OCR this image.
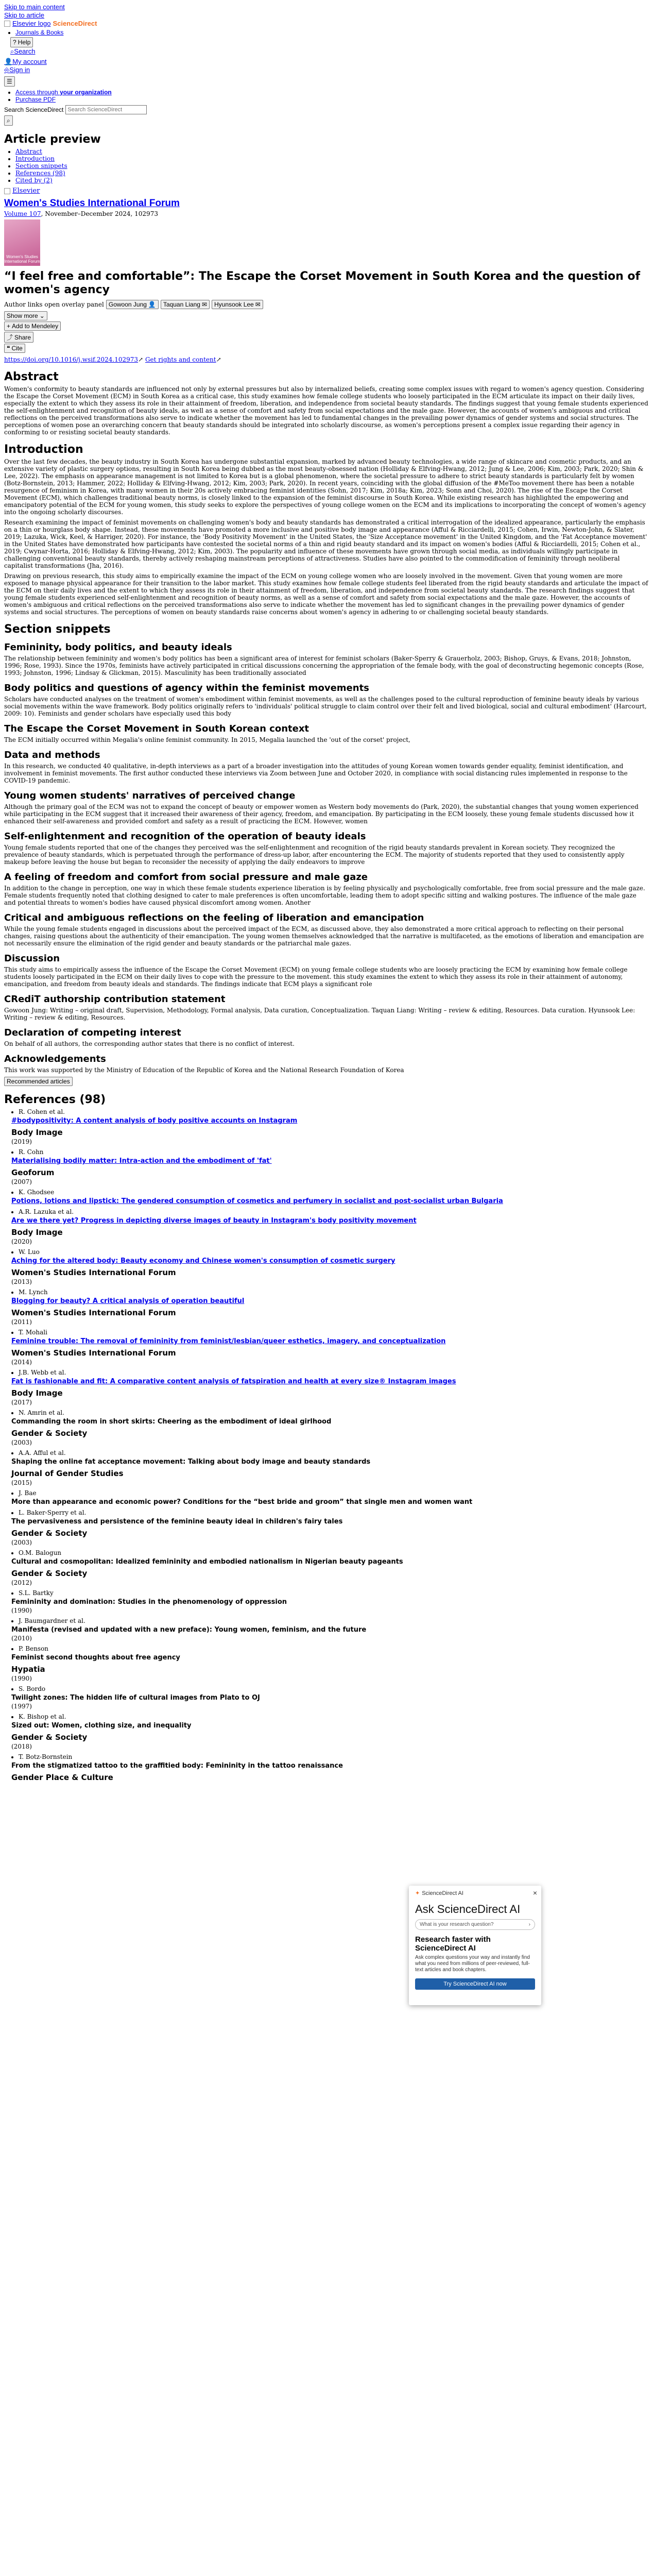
Skip to main content
Skip to article
Elsevier logo ScienceDirect
• Journals & Books
? Help
⌕Search
👤My account
⎆Sign in
☰
• Access through your organization
• Purchase PDF
Search ScienceDirect Search ScienceDirect
⌕
Article preview
• Abstract
• Introduction
• Section snippets
• References (98)
• Cited by (2)
Elsevier
Women's Studies International Forum
Volume 107, November–December 2024, 102973
Women's Studies International Forum
“I feel free and comfortable”: The Escape the Corset Movement in South Korea and the question of women's agency
Author links open overlay panel Gowoon Jung 👤 Taquan Liang ✉ Hyunsook Lee ✉
Show more ⌄
+ Add to Mendeley
⤴ Share
❝ Cite
https://doi.org/10.1016/j.wsif.2024.102973↗ Get rights and content↗
Abstract

Women's conformity to beauty standards are influenced not only by external pressures but also by internalized beliefs, creating some complex issues with regard to women's agency question. Considering the Escape the Corset Movement (ECM) in South Korea as a critical case, this study examines how female college students who loosely participated in the ECM articulate its impact on their daily lives, especially the extent to which they assess its role in their attainment of freedom, liberation, and independence from societal beauty standards. The findings suggest that young female students experienced the self-enlightenment and recognition of beauty ideals, as well as a sense of comfort and safety from social expectations and the male gaze. However, the accounts of women's ambiguous and critical reflections on the perceived transformations also serve to indicate whether the movement has led to fundamental changes in the prevailing power dynamics of gender systems and social structures. The perceptions of women pose an overarching concern that beauty standards should be integrated into scholarly discourse, as women's perceptions present a complex issue regarding their agency in conforming to or resisting societal beauty standards.

Introduction

Over the last few decades, the beauty industry in South Korea has undergone substantial expansion, marked by advanced beauty technologies, a wide range of skincare and cosmetic products, and an extensive variety of plastic surgery options, resulting in South Korea being dubbed as the most beauty-obsessed nation (Holliday & Elfving-Hwang, 2012; Jung & Lee, 2006; Kim, 2003; Park, 2020; Shin & Lee, 2022). The emphasis on appearance management is not limited to Korea but is a global phenomenon, where the societal pressure to adhere to strict beauty standards is particularly felt by women (Botz-Bornstein, 2013; Hammer, 2022; Holliday & Elfving-Hwang, 2012; Kim, 2003; Park, 2020). In recent years, coinciding with the global diffusion of the #MeToo movement there has been a notable resurgence of feminism in Korea, with many women in their 20s actively embracing feminist identities (Sohn, 2017; Kim, 2018a; Kim, 2023; Sonn and Choi, 2020). The rise of the Escape the Corset Movement (ECM), which challenges traditional beauty norms, is closely linked to the expansion of the feminist discourse in South Korea. While existing research has highlighted the empowering and emancipatory potential of the ECM for young women, this study seeks to explore the perspectives of young college women on the ECM and its implications to incorporating the concept of women's agency into the ongoing scholarly discourses.

Research examining the impact of feminist movements on challenging women's body and beauty standards has demonstrated a critical interrogation of the idealized appearance, particularly the emphasis on a thin or hourglass body shape. Instead, these movements have promoted a more inclusive and positive body image and appearance (Afful & Ricciardelli, 2015; Cohen, Irwin, Newton-John, & Slater, 2019; Lazuka, Wick, Keel, & Harriger, 2020). For instance, the 'Body Positivity Movement' in the United States, the 'Size Acceptance movement' in the United Kingdom, and the 'Fat Acceptance movement' in the United States have demonstrated how participants have contested the societal norms of a thin and rigid beauty standard and its impact on women's bodies (Afful & Ricciardelli, 2015; Cohen et al., 2019; Cwynar-Horta, 2016; Holliday & Elfving-Hwang, 2012; Kim, 2003). The popularity and influence of these movements have grown through social media, as individuals willingly participate in challenging conventional beauty standards, thereby actively reshaping mainstream perceptions of attractiveness. Studies have also pointed to the commodification of femininity through neoliberal capitalist transformations (Jha, 2016).

Drawing on previous research, this study aims to empirically examine the impact of the ECM on young college women who are loosely involved in the movement. Given that young women are more exposed to manage physical appearance for their transition to the labor market. This study examines how female college students feel liberated from the rigid beauty standards and articulate the impact of the ECM on their daily lives and the extent to which they assess its role in their attainment of freedom, liberation, and independence from societal beauty standards. The research findings suggest that young female students experienced self-enlightenment and recognition of beauty norms, as well as a sense of comfort and safety from social expectations and the male gaze. However, the accounts of women's ambiguous and critical reflections on the perceived transformations also serve to indicate whether the movement has led to significant changes in the prevailing power dynamics of gender systems and social structures. The perceptions of women on beauty standards raise concerns about women's agency in adhering to or challenging societal beauty standards.

Section snippets
Femininity, body politics, and beauty ideals

The relationship between femininity and women's body politics has been a significant area of interest for feminist scholars (Baker-Sperry & Grauerholz, 2003; Bishop, Gruys, & Evans, 2018; Johnston, 1996; Rose, 1993). Since the 1970s, feminists have actively participated in critical discussions concerning the appropriation of the female body, with the goal of deconstructing hegemonic concepts (Rose, 1993; Johnston, 1996; Lindsay & Glickman, 2015). Masculinity has been traditionally associated

Body politics and questions of agency within the feminist movements

Scholars have conducted analyses on the treatment of women's embodiment within feminist movements, as well as the challenges posed to the cultural reproduction of feminine beauty ideals by various social movements within the wave framework. Body politics originally refers to 'individuals' political struggle to claim control over their felt and lived biological, social and cultural embodiment' (Harcourt, 2009: 10). Feminists and gender scholars have especially used this body

The Escape the Corset Movement in South Korean context

The ECM initially occurred within Megalia's online feminist community. In 2015, Megalia launched the 'out of the corset' project,

Data and methods

In this research, we conducted 40 qualitative, in-depth interviews as a part of a broader investigation into the attitudes of young Korean women towards gender equality, feminist identification, and involvement in feminist movements. The first author conducted these interviews via Zoom between June and October 2020, in compliance with social distancing rules implemented in response to the COVID-19 pandemic.

Young women students' narratives of perceived change

Although the primary goal of the ECM was not to expand the concept of beauty or empower women as Western body movements do (Park, 2020), the substantial changes that young women experienced while participating in the ECM suggest that it increased their awareness of their agency, freedom, and emancipation. By participating in the ECM loosely, these young female students discussed how it enhanced their self-awareness and provided comfort and safety as a result of practicing the ECM. However, women

Self-enlightenment and recognition of the operation of beauty ideals

Young female students reported that one of the changes they perceived was the self-enlightenment and recognition of the rigid beauty standards prevalent in Korean society. They recognized the prevalence of beauty standards, which is perpetuated through the performance of dress-up labor, after encountering the ECM. The majority of students reported that they used to consistently apply makeup before leaving the house but began to reconsider the necessity of applying the daily endeavors to improve

A feeling of freedom and comfort from social pressure and male gaze

In addition to the change in perception, one way in which these female students experience liberation is by feeling physically and psychologically comfortable, free from social pressure and the male gaze. Female students frequently noted that clothing designed to cater to male preferences is often uncomfortable, leading them to adopt specific sitting and walking postures. The influence of the male gaze and potential threats to women's bodies have caused physical discomfort among women. Another

Critical and ambiguous reflections on the feeling of liberation and emancipation

While the young female students engaged in discussions about the perceived impact of the ECM, as discussed above, they also demonstrated a more critical approach to reflecting on their personal changes, raising questions about the authenticity of their emancipation. The young women themselves acknowledged that the narrative is multifaceted, as the emotions of liberation and emancipation are not necessarily ensure the elimination of the rigid gender and beauty standards or the patriarchal male gazes.

Discussion

This study aims to empirically assess the influence of the Escape the Corset Movement (ECM) on young female college students who are loosely practicing the ECM by examining how female college students loosely participated in the ECM on their daily lives to cope with the pressure to the movement. this study examines the extent to which they assess its role in their attainment of autonomy, emancipation, and freedom from beauty ideals and standards. The findings indicate that ECM plays a significant role

CRediT authorship contribution statement

Gowoon Jung: Writing – original draft, Supervision, Methodology, Formal analysis, Data curation, Conceptualization. Taquan Liang: Writing – review & editing, Resources. Data curation. Hyunsook Lee: Writing – review & editing, Resources.

Declaration of competing interest

On behalf of all authors, the corresponding author states that there is no conflict of interest.

Acknowledgements

This work was supported by the Ministry of Education of the Republic of Korea and the National Research Foundation of Korea

Recommended articles
References (98)
• R. Cohen et al.
#bodypositivity: A content analysis of body positive accounts on Instagram
Body Image
(2019)
• R. Cohn
Materialising bodily matter: Intra-action and the embodiment of 'fat'
Geoforum
(2007)
• K. Ghodsee
Potions, lotions and lipstick: The gendered consumption of cosmetics and perfumery in socialist and post-socialist urban Bulgaria
• A.R. Lazuka et al.
Are we there yet? Progress in depicting diverse images of beauty in Instagram's body positivity movement
Body Image
(2020)
• W. Luo
Aching for the altered body: Beauty economy and Chinese women's consumption of cosmetic surgery
Women's Studies International Forum
(2013)
• M. Lynch
Blogging for beauty? A critical analysis of operation beautiful
Women's Studies International Forum
(2011)
• T. Mohali
Feminine trouble: The removal of femininity from feminist/lesbian/queer esthetics, imagery, and conceptualization
Women's Studies International Forum
(2014)
• J.B. Webb et al.
Fat is fashionable and fit: A comparative content analysis of fatspiration and health at every size® Instagram images
Body Image
(2017)
• N. Amrin et al.
Commanding the room in short skirts: Cheering as the embodiment of ideal girlhood
Gender & Society
(2003)
• A.A. Afful et al.
Shaping the online fat acceptance movement: Talking about body image and beauty standards
Journal of Gender Studies
(2015)
• J. Bae
More than appearance and economic power? Conditions for the “best bride and groom” that single men and women want
• L. Baker-Sperry et al.
The pervasiveness and persistence of the feminine beauty ideal in children's fairy tales
Gender & Society
(2003)
• O.M. Balogun
Cultural and cosmopolitan: Idealized femininity and embodied nationalism in Nigerian beauty pageants
Gender & Society
(2012)
• S.L. Bartky
Femininity and domination: Studies in the phenomenology of oppression
(1990)
• J. Baumgardner et al.
Manifesta (revised and updated with a new preface): Young women, feminism, and the future
(2010)
• P. Benson
Feminist second thoughts about free agency
Hypatia
(1990)
• S. Bordo
Twilight zones: The hidden life of cultural images from Plato to OJ
(1997)
• K. Bishop et al.
Sized out: Women, clothing size, and inequality
Gender & Society
(2018)
• T. Botz-Bornstein
From the stigmatized tattoo to the graffitied body: Femininity in the tattoo renaissance
Gender Place & Culture
✦ ScienceDirect AI	×
Ask ScienceDirect AI
What is your research question?	›
Research faster with ScienceDirect AI
Ask complex questions your way and instantly find what you need from millions of peer-reviewed, full-text articles and book chapters.
Try ScienceDirect AI now
